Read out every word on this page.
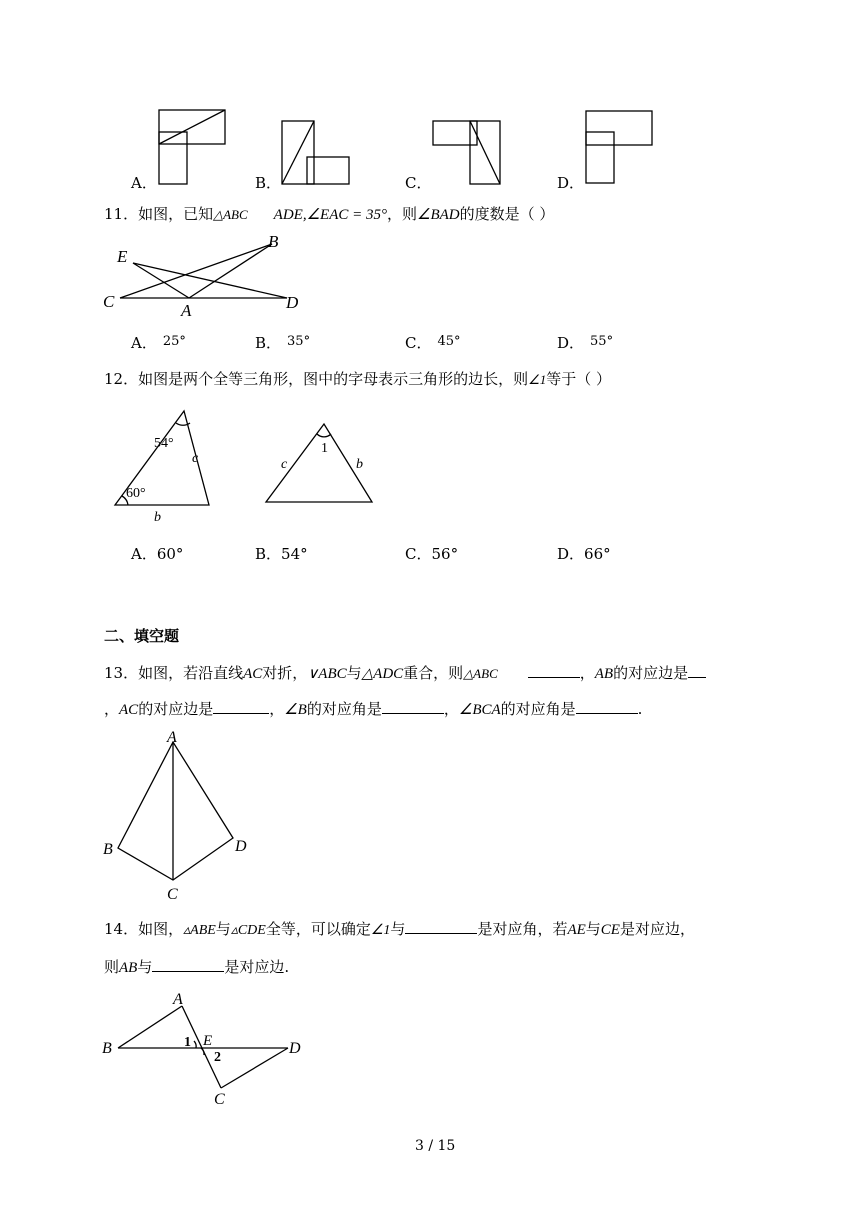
A．	B．	C．	D．
11．如图，已知△ABC ADE,∠EAC = 35°，则∠BAD的度数是（ ）
E
B
C	A	D
A． 25°	B． 35°	C． 45°	D． 55°
12．如图是两个全等三角形，图中的字母表示三角形的边长，则∠1等于（ ）
54°
60°
c
b
1
c	b
A．60°	B．54°	C．56°	D．66°
二、填空题
13．如图，若沿直线AC对折，∨ABC与△ADC重合，则△ABC	，AB的对应边是
，AC的对应边是	，∠B的对应角是	，∠BCA的对应角是	.
A
B
C
D
14．如图，▵ABE与▵CDE全等，可以确定∠1与	是对应角，若AE与CE是对应边，
则AB与	是对应边.
A
B	E	D
C
1
2
3 / 15
